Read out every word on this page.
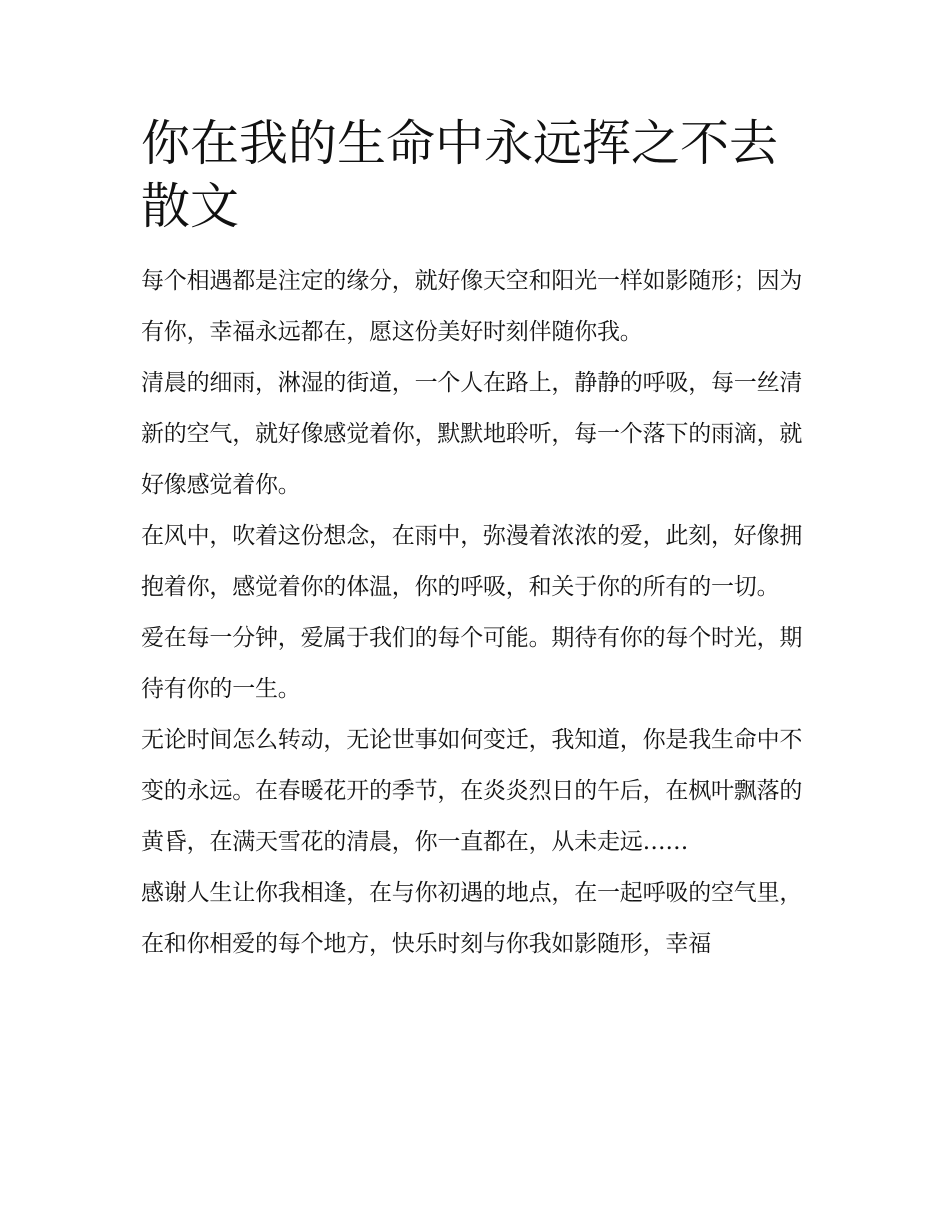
你在我的生命中永远挥之不去散文

每个相遇都是注定的缘分，就好像天空和阳光一样如影随形；因为有你，幸福永远都在，愿这份美好时刻伴随你我。

清晨的细雨，淋湿的街道，一个人在路上，静静的呼吸，每一丝清新的空气，就好像感觉着你，默默地聆听，每一个落下的雨滴，就好像感觉着你。

在风中，吹着这份想念，在雨中，弥漫着浓浓的爱，此刻，好像拥抱着你，感觉着你的体温，你的呼吸，和关于你的所有的一切。

爱在每一分钟，爱属于我们的每个可能。期待有你的每个时光，期待有你的一生。

无论时间怎么转动，无论世事如何变迁，我知道，你是我生命中不变的永远。在春暖花开的季节，在炎炎烈日的午后，在枫叶飘落的黄昏，在满天雪花的清晨，你一直都在，从未走远……

感谢人生让你我相逢，在与你初遇的地点，在一起呼吸的空气里，在和你相爱的每个地方，快乐时刻与你我如影随形，幸福
